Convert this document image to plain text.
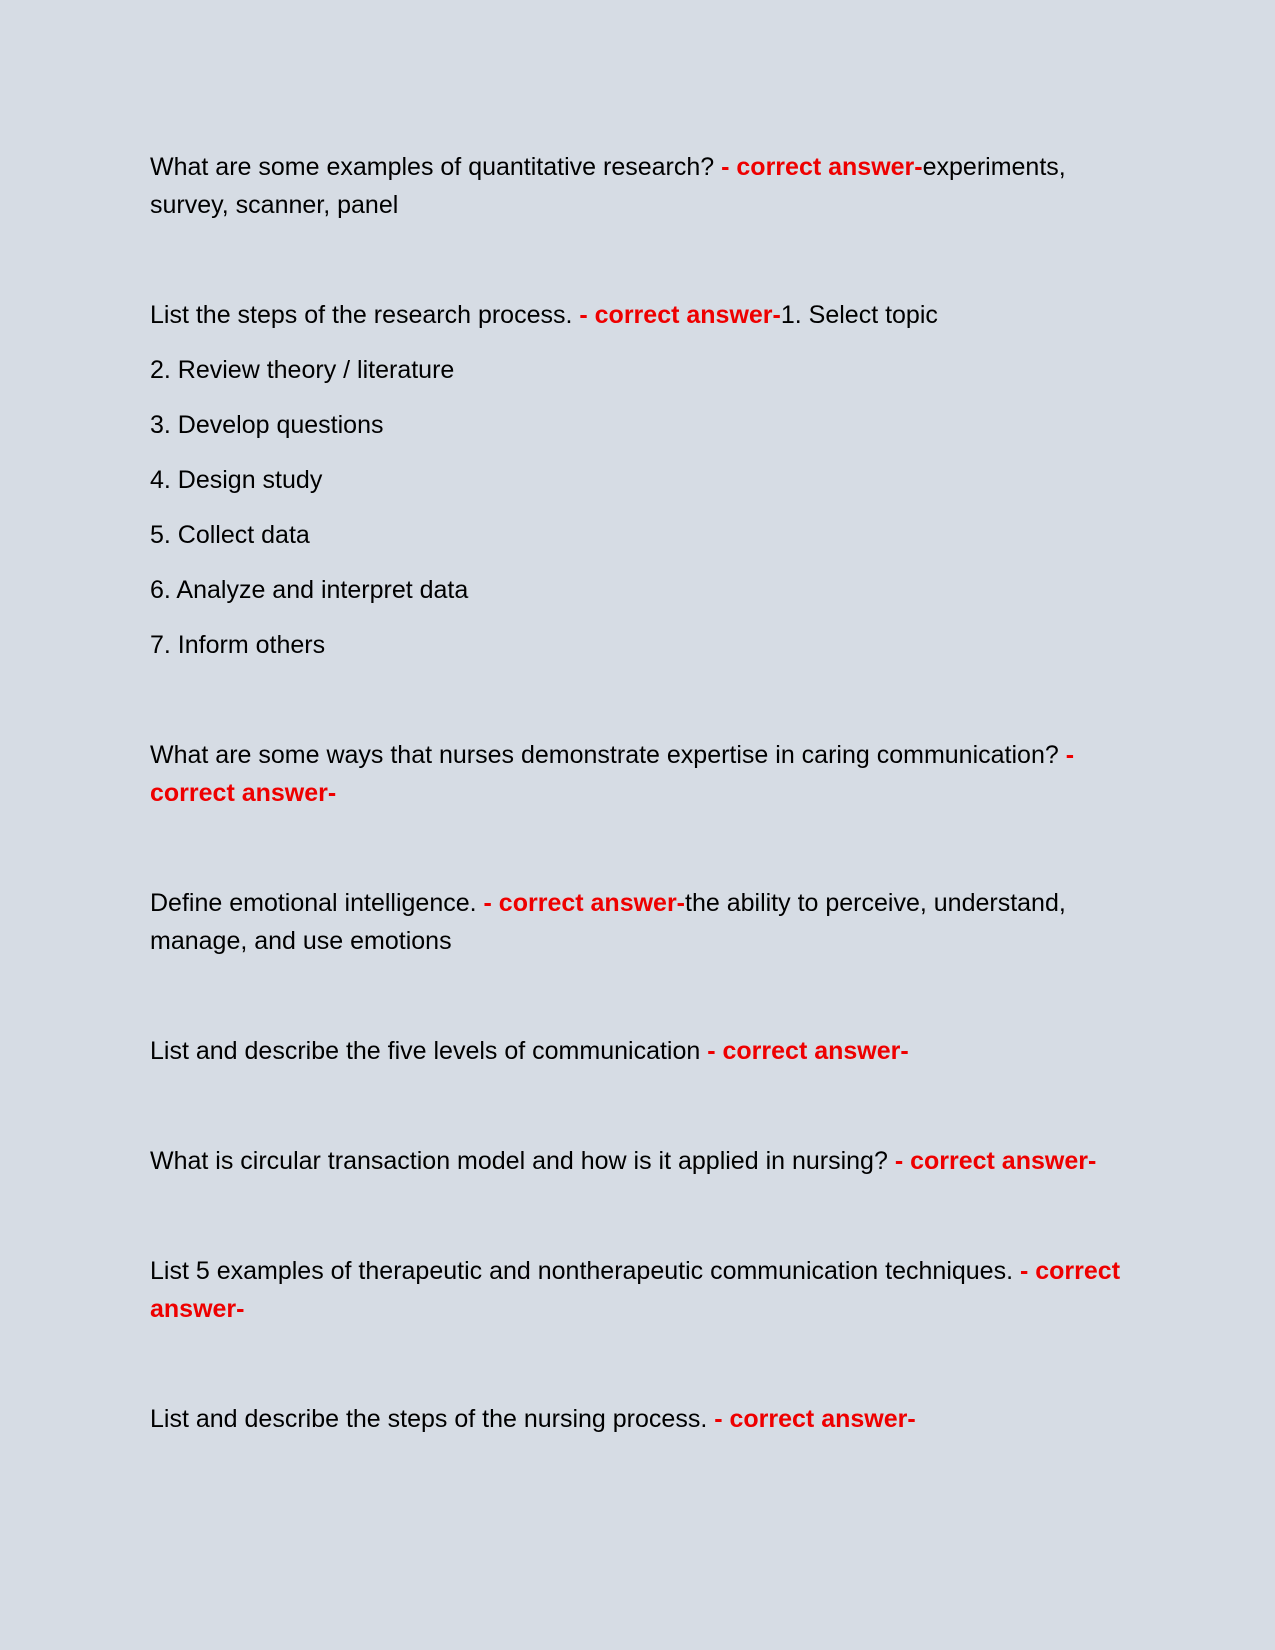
What are some examples of quantitative research? - correct answer-experiments, survey, scanner, panel

List the steps of the research process. - correct answer-1. Select topic
2. Review theory / literature
3. Develop questions
4. Design study
5. Collect data
6. Analyze and interpret data
7. Inform others

What are some ways that nurses demonstrate expertise in caring communication? - correct answer-

Define emotional intelligence. - correct answer-the ability to perceive, understand, manage, and use emotions

List and describe the five levels of communication - correct answer-

What is circular transaction model and how is it applied in nursing? - correct answer-

List 5 examples of therapeutic and nontherapeutic communication techniques. - correct answer-

List and describe the steps of the nursing process. - correct answer-
